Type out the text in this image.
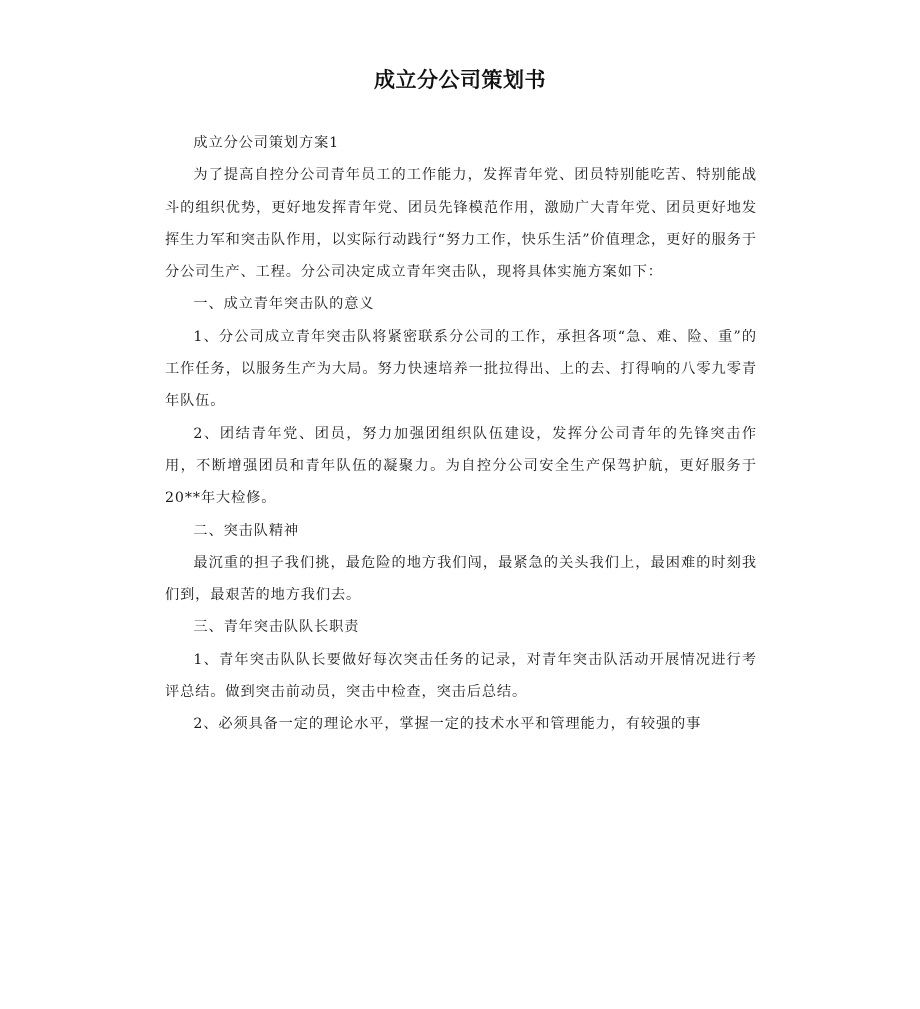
成立分公司策划书

成立分公司策划方案1

为了提高自控分公司青年员工的工作能力，发挥青年党、团员特别能吃苦、特别能战斗的组织优势，更好地发挥青年党、团员先锋模范作用，激励广大青年党、团员更好地发挥生力军和突击队作用，以实际行动践行“努力工作，快乐生活”价值理念，更好的服务于分公司生产、工程。分公司决定成立青年突击队，现将具体实施方案如下：

一、成立青年突击队的意义

1、分公司成立青年突击队将紧密联系分公司的工作，承担各项“急、难、险、重”的工作任务，以服务生产为大局。努力快速培养一批拉得出、上的去、打得响的八零九零青年队伍。

2、团结青年党、团员，努力加强团组织队伍建设，发挥分公司青年的先锋突击作用，不断增强团员和青年队伍的凝聚力。为自控分公司安全生产保驾护航，更好服务于20**年大检修。

二、突击队精神

最沉重的担子我们挑，最危险的地方我们闯，最紧急的关头我们上，最困难的时刻我们到，最艰苦的地方我们去。

三、青年突击队队长职责

1、青年突击队队长要做好每次突击任务的记录，对青年突击队活动开展情况进行考评总结。做到突击前动员，突击中检查，突击后总结。

2、必须具备一定的理论水平，掌握一定的技术水平和管理能力，有较强的事
